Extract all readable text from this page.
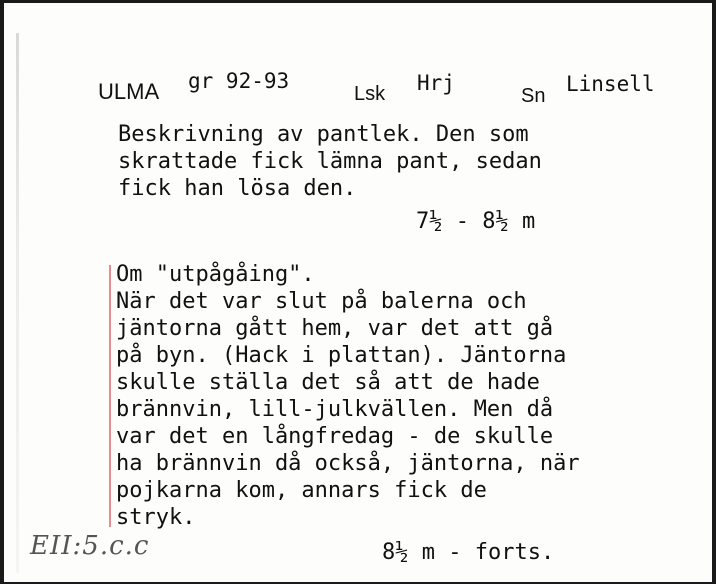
ULMA gr 92-93
Lsk Hrj
Sn Linsell
Beskrivning av pantlek. Den som
skrattade fick lämna pant, sedan
fick han lösa den.
7½ - 8½ m
Om "utpågåing".
När det var slut på balerna och
jäntorna gått hem, var det att gå
på byn. (Hack i plattan). Jäntorna
skulle ställa det så att de hade
brännvin, lill-julkvällen. Men då
var det en långfredag - de skulle
ha brännvin då också, jäntorna, när
pojkarna kom, annars fick de
stryk.
8½ m - forts.
EII:5.c.c
